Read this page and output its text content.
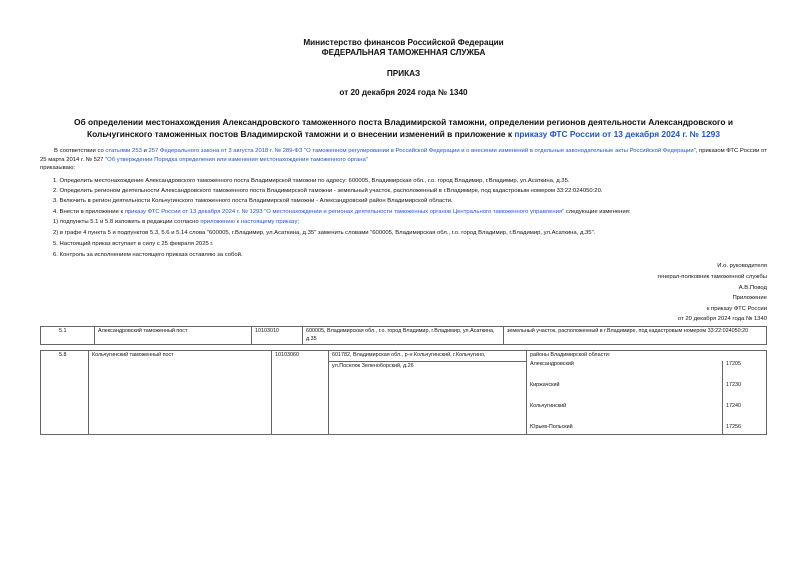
Министерство финансов Российской Федерации
ФЕДЕРАЛЬНАЯ ТАМОЖЕННАЯ СЛУЖБА
ПРИКАЗ
от 20 декабря 2024 года № 1340
Об определении местонахождения Александровского таможенного поста Владимирской таможни, определении регионов деятельности Александровского и Кольчугинского таможенных постов Владимирской таможни и о внесении изменений в приложение к приказу ФТС России от 13 декабря 2024 г. № 1293
В соответствии со статьями 253 и 257 Федерального закона от 3 августа 2018 г. № 289-ФЗ "О таможенном регулировании в Российской Федерации и о внесении изменений в отдельные законодательные акты Российской Федерации", приказом ФТС России от 25 марта 2014 г. № 527 "Об утверждении Порядка определения или изменения местонахождения таможенного органа"
приказываю:
1. Определить местонахождение Александровского таможенного поста Владимирской таможни по адресу: 600005, Владимирская обл., г.о. город Владимир, г.Владимир, ул.Асаткина, д.35.
2. Определить регионом деятельности Александровского таможенного поста Владимирской таможни - земельный участок, расположенный в г.Владимире, под кадастровым номером 33:22:024050:20.
3. Включить в регион деятельности Кольчугинского таможенного поста Владимирской таможни - Александровский район Владимирской области.
4. Внести в приложение к приказу ФТС России от 13 декабря 2024 г. № 1293 "О местонахождении и регионах деятельности таможенных органов Центрального таможенного управления" следующие изменения:
1) подпункты 5.1 и 5.8 изложить в редакции согласно приложению к настоящему приказу;
2) в графе 4 пункта 5 и подпунктов 5.3, 5.6 и 5.14 слова "600005, г.Владимир, ул.Асаткина, д.35" заменить словами "600005, Владимирская обл., г.о. город Владимир, г.Владимир, ул.Асаткина, д.35".
5. Настоящий приказ вступает в силу с 25 февраля 2025 г.
6. Контроль за исполнением настоящего приказа оставляю за собой.
И.о. руководителя
генерал-полковник таможенной службы
А.В.Повод
Приложение
к приказу ФТС России
от 20 декабря 2024 года № 1340
5.1	Александровский таможенный пост	10103010	600005, Владимирская обл., г.о. город Владимир, г.Владимир, ул.Асаткина, д.35	земельный участок, расположенный в г.Владимире, под кадастровым номером 33:22:024050:20
5.8	Кольчугинский таможенный пост	10103060	601782, Владимирская обл., р-н Кольчугинский, г.Кольчугино,
ул.Поселок Зеленоборский, д.26

районы Владимирской области:
Александровский	17205
Киржачский	17230
Кольчугинский	17240
Юрьев-Польский	17256
